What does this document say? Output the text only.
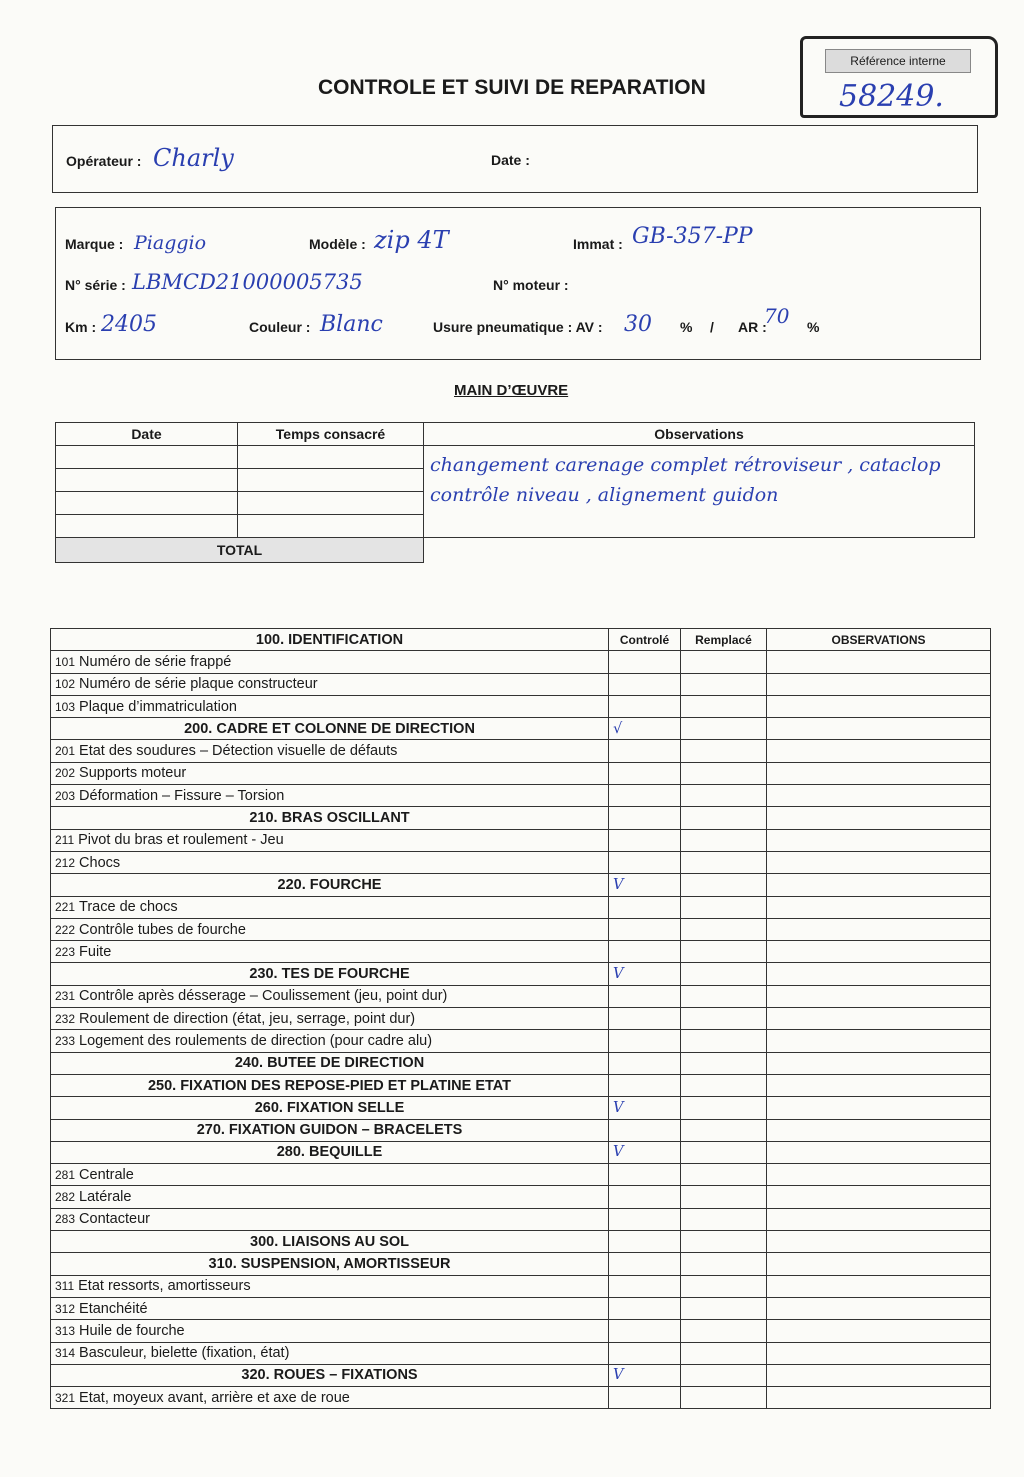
CONTROLE ET SUIVI DE REPARATION
Référence interne
58249.
Opérateur : Charly	Date :
Marque : Piaggio	Modèle : zip 4T	Immat : GB-357-PP
N° série : LBMCD21000005735	N° moteur :
Km : 2405	Couleur : Blanc	Usure pneumatique : AV : 30 % / AR :
70 %
MAIN D’ŒUVRE
Date	Temps consacré	Observations

		changement carenage complet rétroviseur , cataclop
contrôle niveau , alignement guidon

TOTAL		
100. IDENTIFICATION	Controlé	Remplacé	OBSERVATIONS
101 Numéro de série frappé			
102 Numéro de série plaque constructeur			
103 Plaque d’immatriculation			
200. CADRE ET COLONNE DE DIRECTION	√		
201 Etat des soudures – Détection visuelle de défauts			
202 Supports moteur			
203 Déformation – Fissure – Torsion			
210. BRAS OSCILLANT			
211 Pivot du bras et roulement - Jeu			
212 Chocs			
220. FOURCHE	V		
221 Trace de chocs			
222 Contrôle tubes de fourche			
223 Fuite			
230. TES DE FOURCHE	V		
231 Contrôle après désserage – Coulissement (jeu, point dur)			
232 Roulement de direction (état, jeu, serrage, point dur)			
233 Logement des roulements de direction (pour cadre alu)			
240. BUTEE DE DIRECTION			
250. FIXATION DES REPOSE-PIED ET PLATINE ETAT			
260. FIXATION SELLE	V		
270. FIXATION GUIDON – BRACELETS			
280. BEQUILLE	V		
281 Centrale			
282 Latérale			
283 Contacteur			
300. LIAISONS AU SOL			
310. SUSPENSION, AMORTISSEUR			
311 Etat ressorts, amortisseurs			
312 Etanchéité			
313 Huile de fourche			
314 Basculeur, bielette (fixation, état)			
320. ROUES – FIXATIONS	V		
321 Etat, moyeux avant, arrière et axe de roue			
